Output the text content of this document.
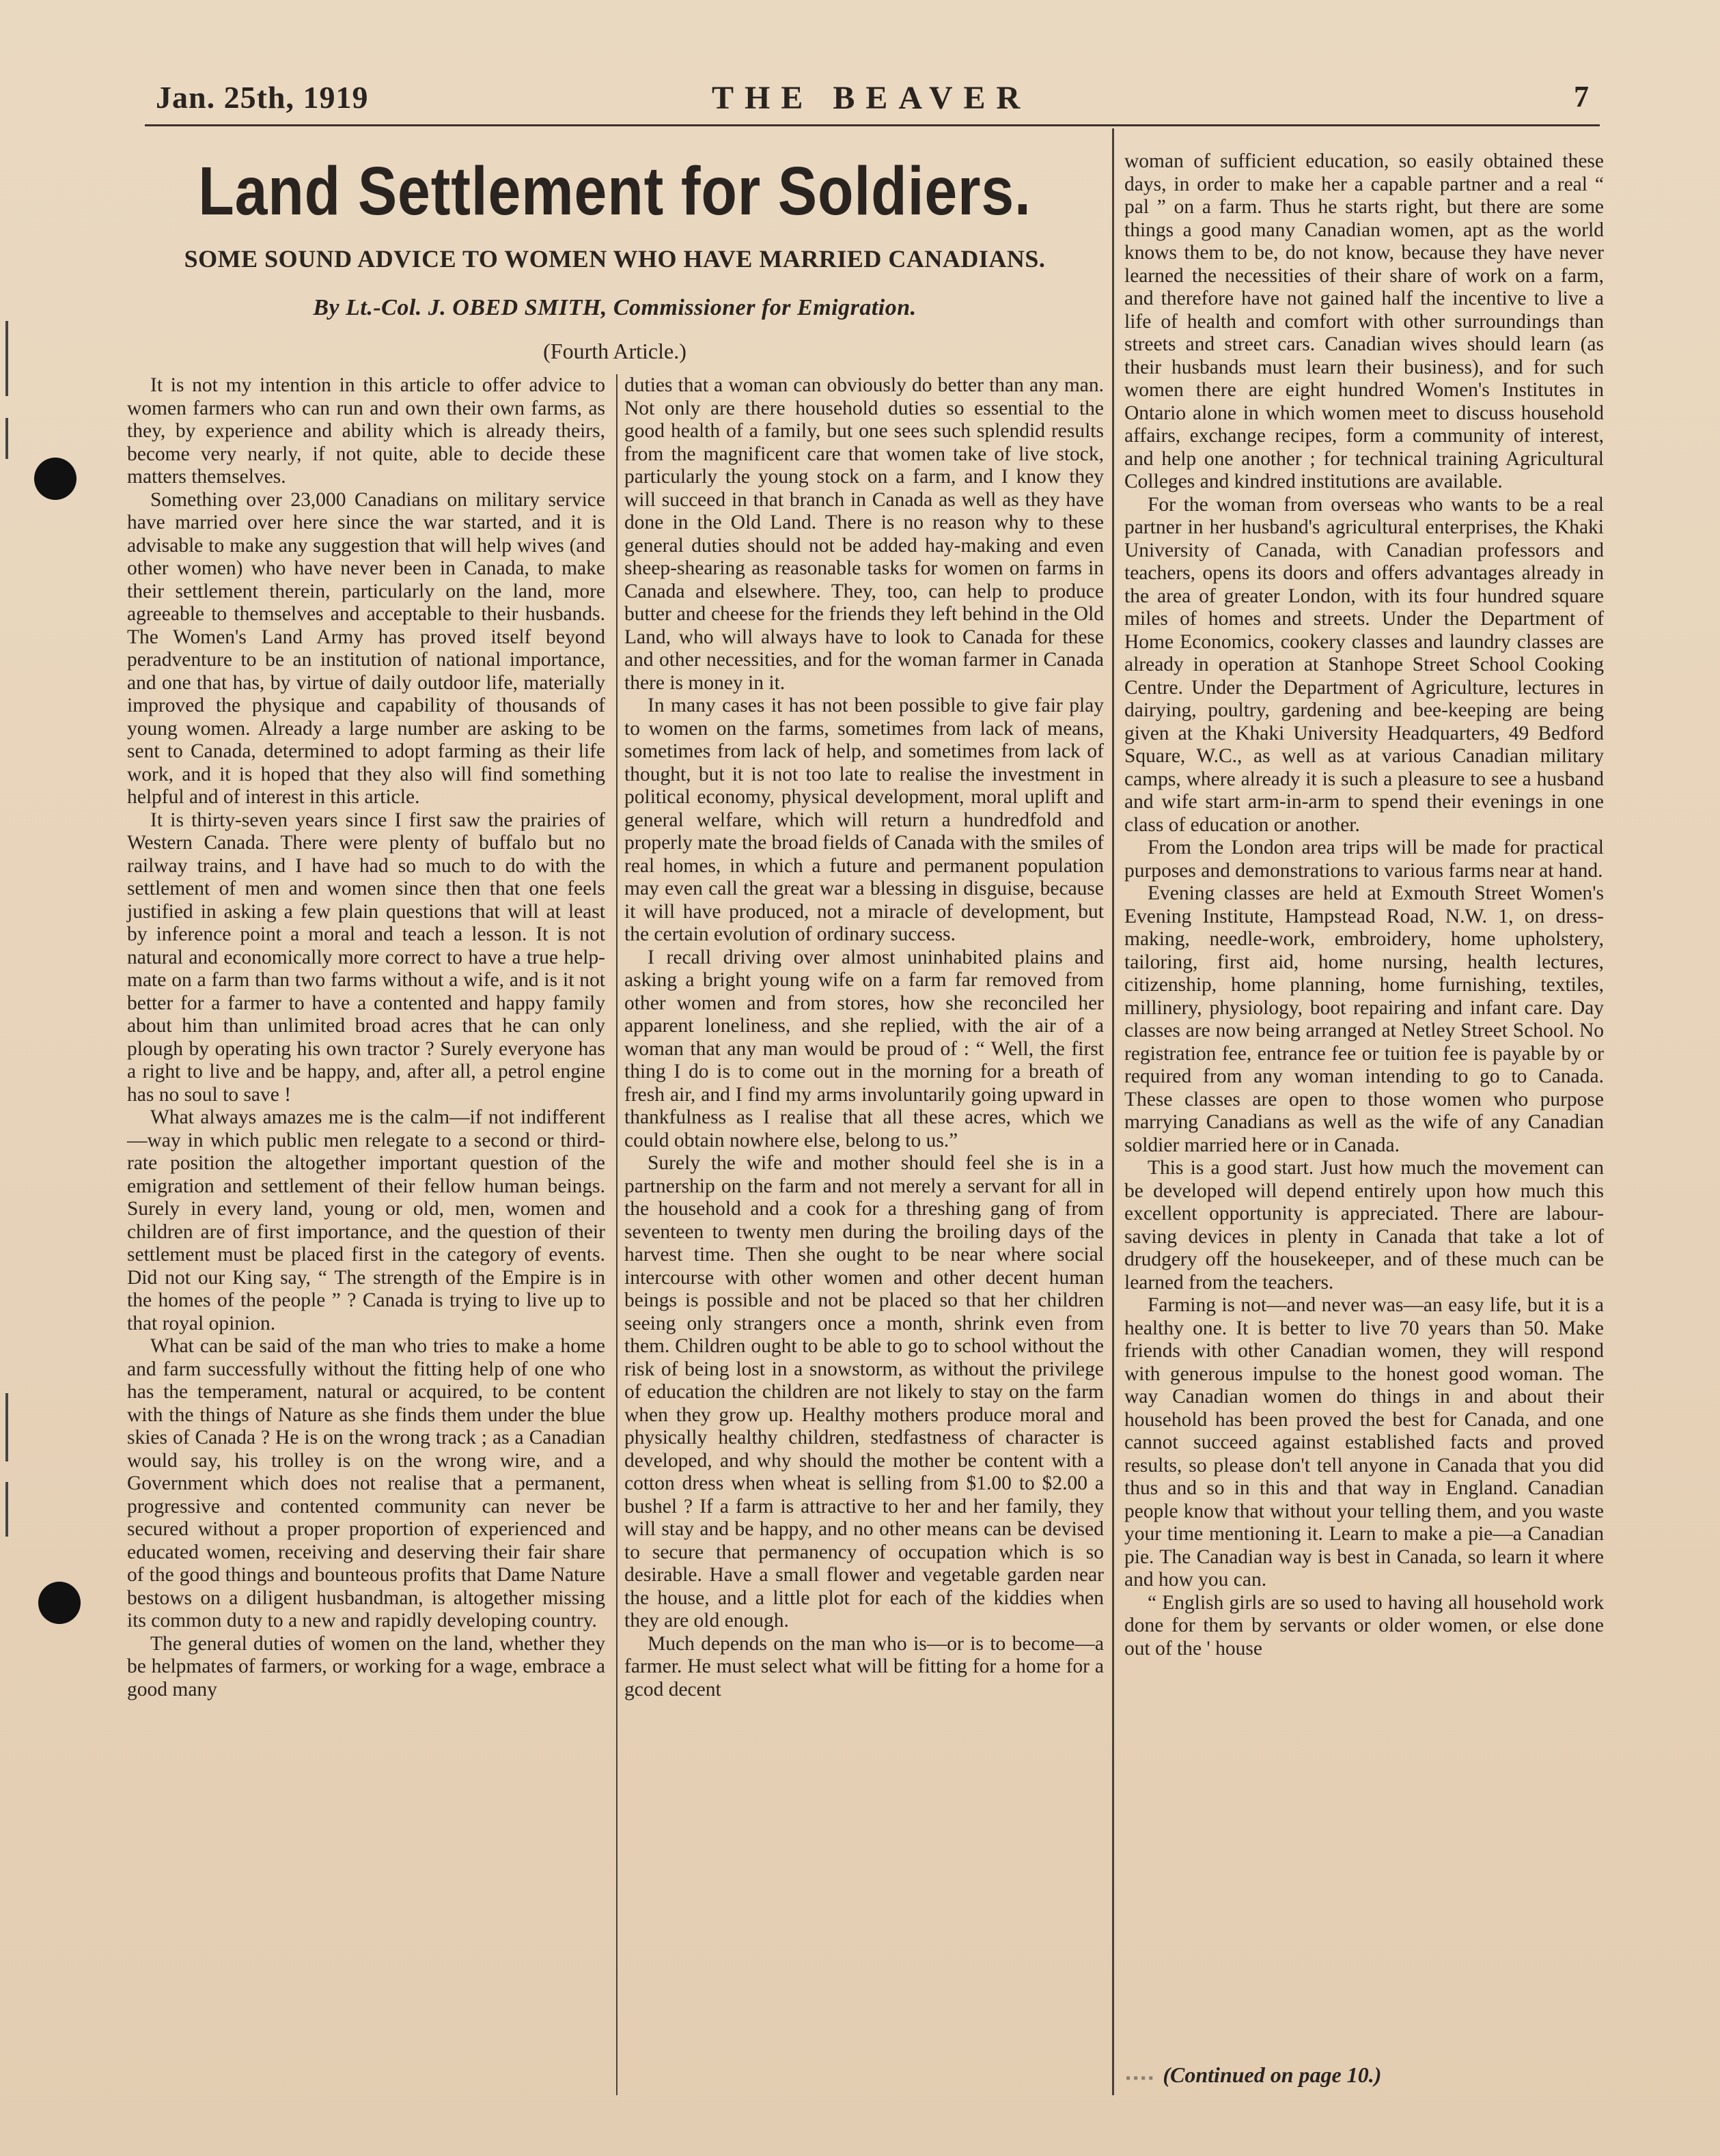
Jan. 25th, 1919	THE BEAVER	7
Land Settlement for Soldiers.
SOME SOUND ADVICE TO WOMEN WHO HAVE MARRIED CANADIANS.
By Lt.-Col. J. OBED SMITH, Commissioner for Emigration.
(Fourth Article.)

It is not my intention in this article to offer advice to women farmers who can run and own their own farms, as they, by experience and ability which is already theirs, become very nearly, if not quite, able to decide these matters themselves.

Something over 23,000 Canadians on military service have married over here since the war started, and it is advisable to make any suggestion that will help wives (and other women) who have never been in Canada, to make their settlement therein, particularly on the land, more agreeable to themselves and acceptable to their husbands. The Women's Land Army has proved itself beyond peradventure to be an institution of national importance, and one that has, by virtue of daily outdoor life, materially improved the physique and capability of thousands of young women. Already a large number are asking to be sent to Canada, determined to adopt farming as their life work, and it is hoped that they also will find something helpful and of interest in this article.

It is thirty-seven years since I first saw the prairies of Western Canada. There were plenty of buffalo but no railway trains, and I have had so much to do with the settlement of men and women since then that one feels justified in asking a few plain questions that will at least by inference point a moral and teach a lesson. It is not natural and economically more correct to have a true help-mate on a farm than two farms without a wife, and is it not better for a farmer to have a contented and happy family about him than unlimited broad acres that he can only plough by operating his own tractor ? Surely everyone has a right to live and be happy, and, after all, a petrol engine has no soul to save !

What always amazes me is the calm—if not indifferent—way in which public men relegate to a second or third-rate position the altogether important question of the emigration and settlement of their fellow human beings. Surely in every land, young or old, men, women and children are of first importance, and the question of their settlement must be placed first in the category of events. Did not our King say, “ The strength of the Empire is in the homes of the people ” ? Canada is trying to live up to that royal opinion.

What can be said of the man who tries to make a home and farm successfully without the fitting help of one who has the temperament, natural or acquired, to be content with the things of Nature as she finds them under the blue skies of Canada ? He is on the wrong track ; as a Canadian would say, his trolley is on the wrong wire, and a Government which does not realise that a permanent, progressive and contented community can never be secured without a proper proportion of experienced and educated women, receiving and deserving their fair share of the good things and bounteous profits that Dame Nature bestows on a diligent husbandman, is altogether missing its common duty to a new and rapidly developing country.

The general duties of women on the land, whether they be helpmates of farmers, or working for a wage, embrace a good many

duties that a woman can obviously do better than any man. Not only are there household duties so essential to the good health of a family, but one sees such splendid results from the magnificent care that women take of live stock, particularly the young stock on a farm, and I know they will succeed in that branch in Canada as well as they have done in the Old Land. There is no reason why to these general duties should not be added hay-making and even sheep-shearing as reasonable tasks for women on farms in Canada and elsewhere. They, too, can help to produce butter and cheese for the friends they left behind in the Old Land, who will always have to look to Canada for these and other necessities, and for the woman farmer in Canada there is money in it.

In many cases it has not been possible to give fair play to women on the farms, sometimes from lack of means, sometimes from lack of help, and sometimes from lack of thought, but it is not too late to realise the investment in political economy, physical development, moral uplift and general welfare, which will return a hundredfold and properly mate the broad fields of Canada with the smiles of real homes, in which a future and permanent population may even call the great war a blessing in disguise, because it will have produced, not a miracle of development, but the certain evolution of ordinary success.

I recall driving over almost uninhabited plains and asking a bright young wife on a farm far removed from other women and from stores, how she reconciled her apparent loneliness, and she replied, with the air of a woman that any man would be proud of : “ Well, the first thing I do is to come out in the morning for a breath of fresh air, and I find my arms involuntarily going upward in thankfulness as I realise that all these acres, which we could obtain nowhere else, belong to us.”

Surely the wife and mother should feel she is in a partnership on the farm and not merely a servant for all in the household and a cook for a threshing gang of from seventeen to twenty men during the broiling days of the harvest time. Then she ought to be near where social intercourse with other women and other decent human beings is possible and not be placed so that her children seeing only strangers once a month, shrink even from them. Children ought to be able to go to school without the risk of being lost in a snowstorm, as without the privilege of education the children are not likely to stay on the farm when they grow up. Healthy mothers produce moral and physically healthy children, stedfastness of character is developed, and why should the mother be content with a cotton dress when wheat is selling from $1.00 to $2.00 a bushel ? If a farm is attractive to her and her family, they will stay and be happy, and no other means can be devised to secure that permanency of occupation which is so desirable. Have a small flower and vegetable garden near the house, and a little plot for each of the kiddies when they are old enough.

Much depends on the man who is—or is to become—a farmer. He must select what will be fitting for a home for a gcod decent

woman of sufficient education, so easily obtained these days, in order to make her a capable partner and a real “ pal ” on a farm. Thus he starts right, but there are some things a good many Canadian women, apt as the world knows them to be, do not know, because they have never learned the necessities of their share of work on a farm, and therefore have not gained half the incentive to live a life of health and comfort with other surroundings than streets and street cars. Canadian wives should learn (as their husbands must learn their business), and for such women there are eight hundred Women's Institutes in Ontario alone in which women meet to discuss household affairs, exchange recipes, form a community of interest, and help one another ; for technical training Agricultural Colleges and kindred institutions are available.

For the woman from overseas who wants to be a real partner in her husband's agricultural enterprises, the Khaki University of Canada, with Canadian professors and teachers, opens its doors and offers advantages already in the area of greater London, with its four hundred square miles of homes and streets. Under the Department of Home Economics, cookery classes and laundry classes are already in operation at Stanhope Street School Cooking Centre. Under the Department of Agriculture, lectures in dairying, poultry, gardening and bee-keeping are being given at the Khaki University Headquarters, 49 Bedford Square, W.C., as well as at various Canadian military camps, where already it is such a pleasure to see a husband and wife start arm-in-arm to spend their evenings in one class of education or another.

From the London area trips will be made for practical purposes and demonstrations to various farms near at hand.

Evening classes are held at Exmouth Street Women's Evening Institute, Hampstead Road, N.W. 1, on dress-making, needle-work, embroidery, home upholstery, tailoring, first aid, home nursing, health lectures, citizenship, home planning, home furnishing, textiles, millinery, physiology, boot repairing and infant care. Day classes are now being arranged at Netley Street School. No registration fee, entrance fee or tuition fee is payable by or required from any woman intending to go to Canada. These classes are open to those women who purpose marrying Canadians as well as the wife of any Canadian soldier married here or in Canada.

This is a good start. Just how much the movement can be developed will depend entirely upon how much this excellent opportunity is appreciated. There are labour-saving devices in plenty in Canada that take a lot of drudgery off the housekeeper, and of these much can be learned from the teachers.

Farming is not—and never was—an easy life, but it is a healthy one. It is better to live 70 years than 50. Make friends with other Canadian women, they will respond with generous impulse to the honest good woman. The way Canadian women do things in and about their household has been proved the best for Canada, and one cannot succeed against established facts and proved results, so please don't tell anyone in Canada that you did thus and so in this and that way in England. Canadian people know that without your telling them, and you waste your time mentioning it. Learn to make a pie—a Canadian pie. The Canadian way is best in Canada, so learn it where and how you can.

“ English girls are so used to having all household work done for them by servants or older women, or else done out of the ' house

▪▪▪▪ (Continued on page 10.)
